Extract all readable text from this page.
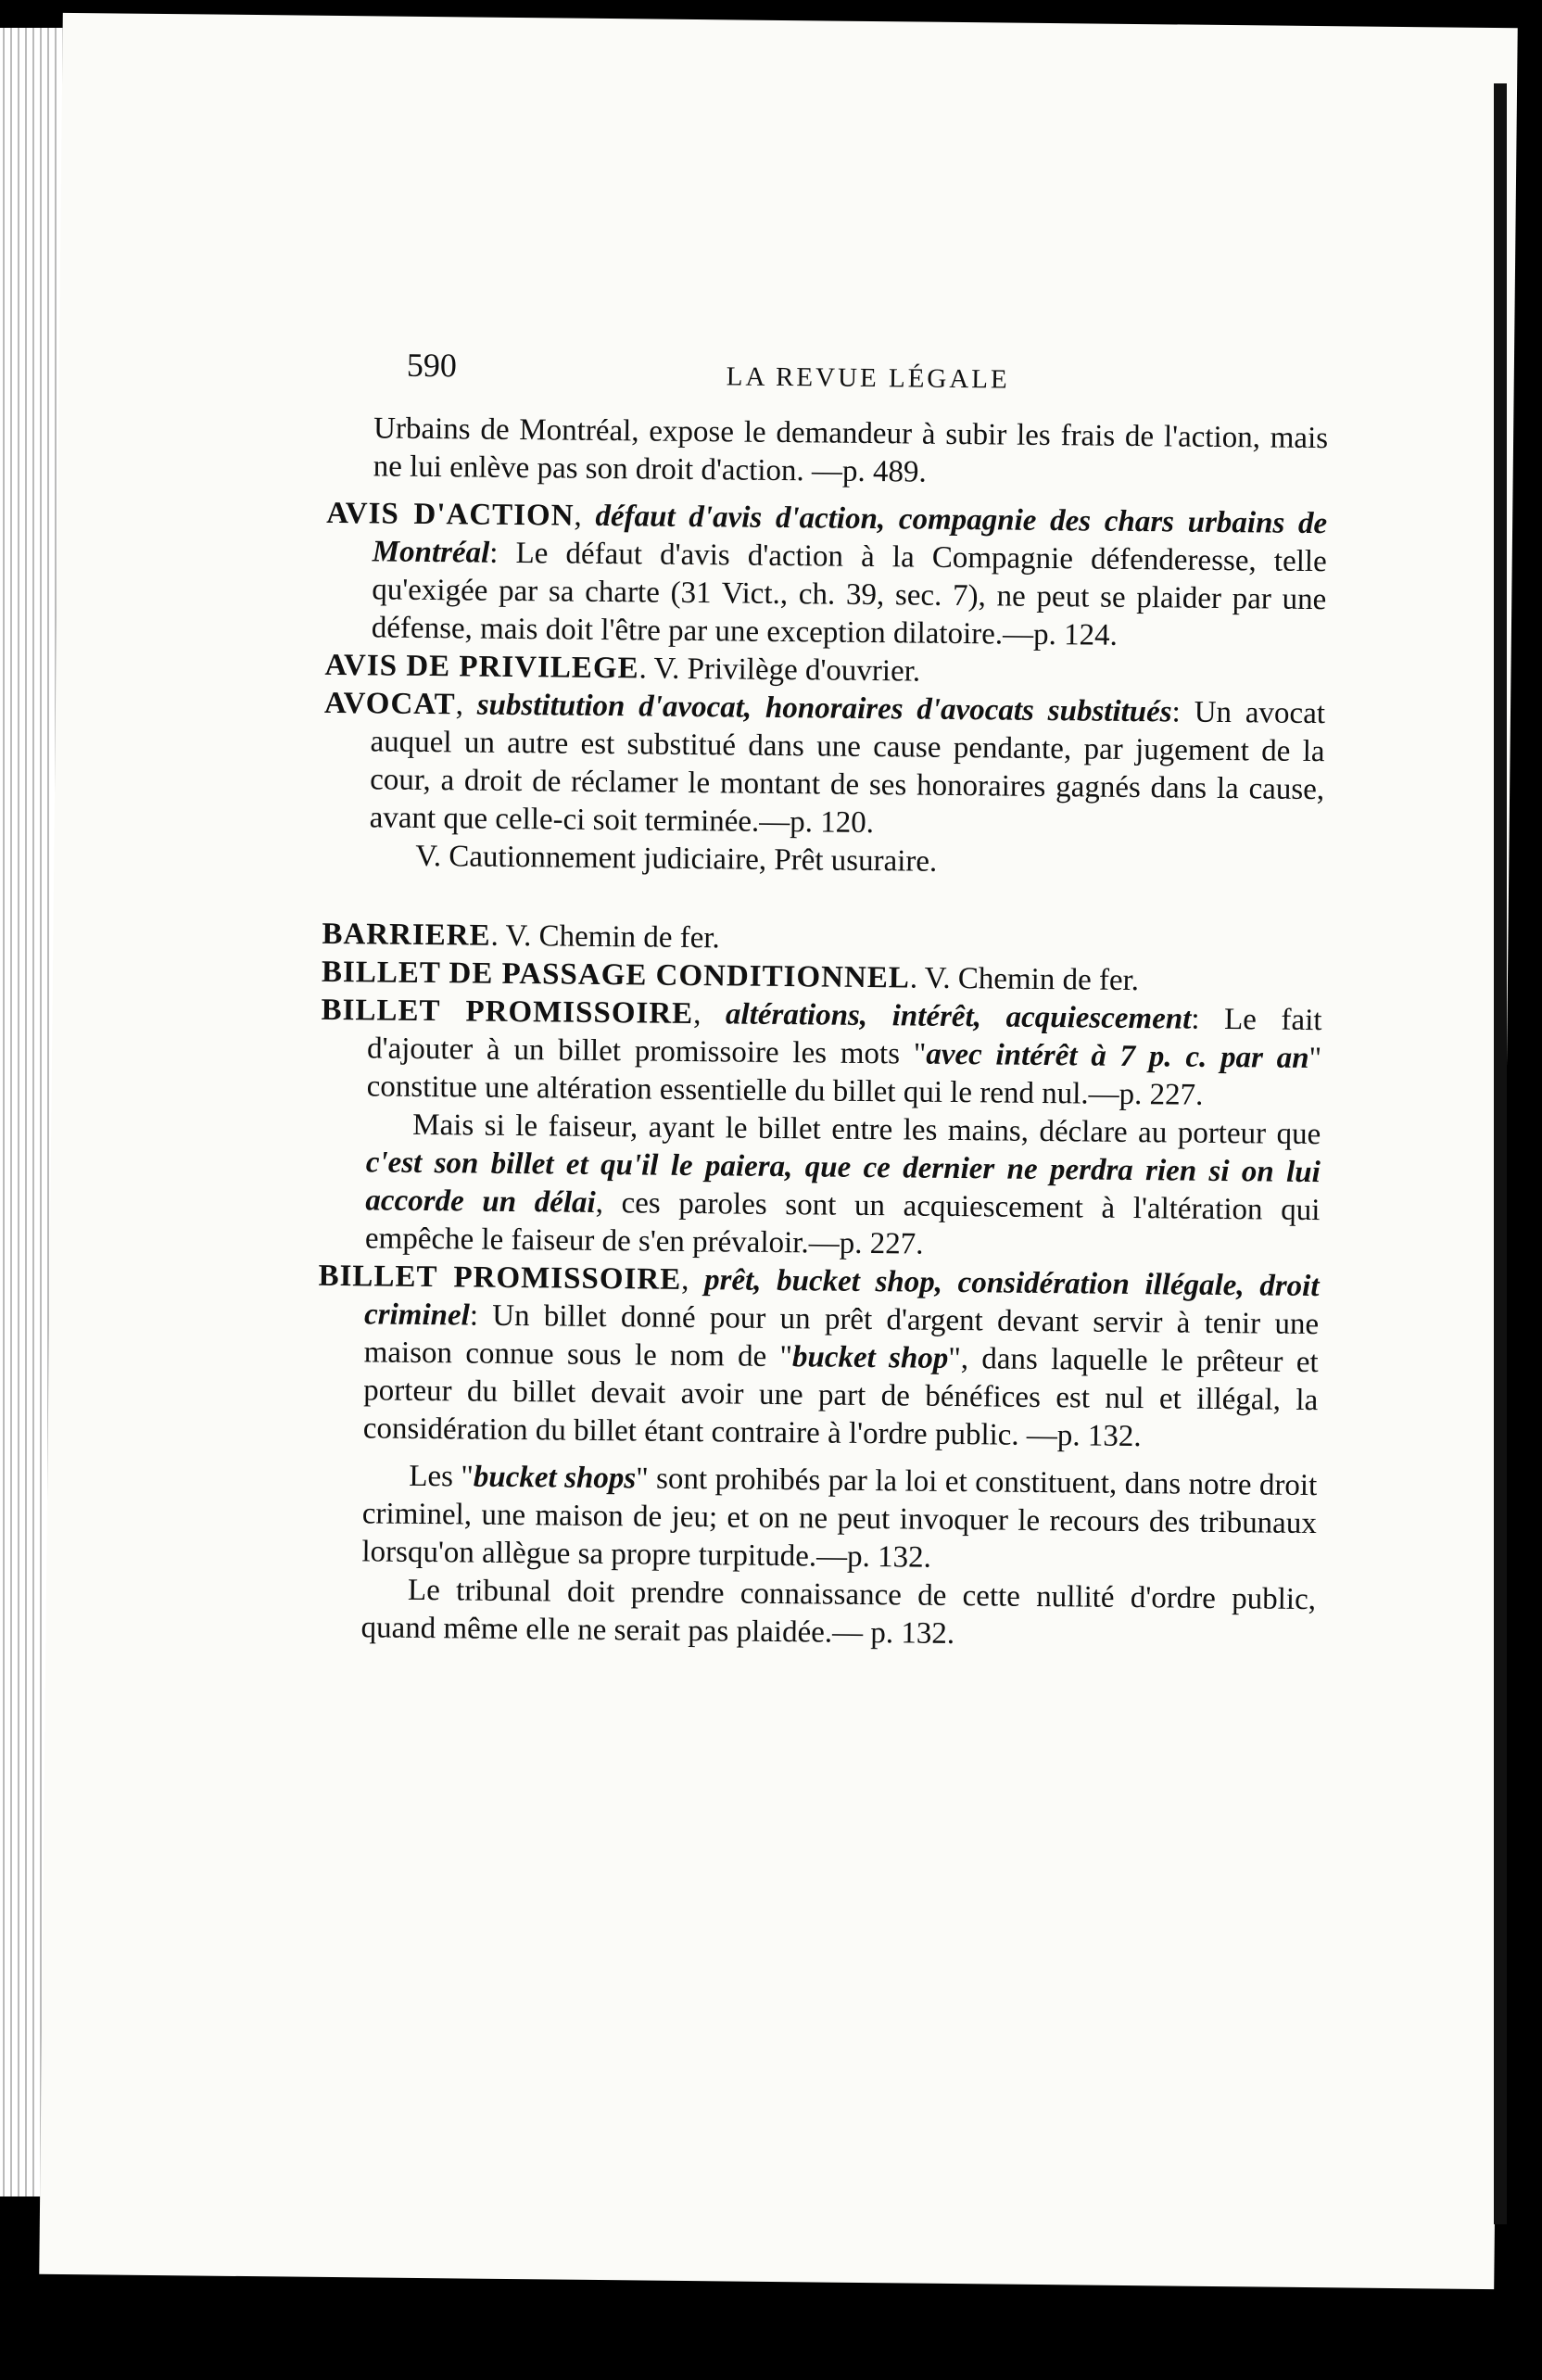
590	LA REVUE LÉGALE

Urbains de Montréal, expose le demandeur à subir les frais de l'action, mais ne lui enlève pas son droit d'action. —p. 489.

AVIS D'ACTION, défaut d'avis d'action, compagnie des chars urbains de Montréal: Le défaut d'avis d'action à la Compagnie défenderesse, telle qu'exigée par sa charte (31 Vict., ch. 39, sec. 7), ne peut se plaider par une défense, mais doit l'être par une exception dilatoire.—p. 124.

AVIS DE PRIVILEGE. V. Privilège d'ouvrier.

AVOCAT, substitution d'avocat, honoraires d'avocats substitués: Un avocat auquel un autre est substitué dans une cause pendante, par jugement de la cour, a droit de réclamer le montant de ses honoraires gagnés dans la cause, avant que celle-ci soit terminée.—p. 120.

V. Cautionnement judiciaire, Prêt usuraire.

BARRIERE. V. Chemin de fer.

BILLET DE PASSAGE CONDITIONNEL. V. Chemin de fer.

BILLET PROMISSOIRE, altérations, intérêt, acquiescement: Le fait d'ajouter à un billet promissoire les mots "avec intérêt à 7 p. c. par an" constitue une altération essentielle du billet qui le rend nul.—p. 227.

Mais si le faiseur, ayant le billet entre les mains, déclare au porteur que c'est son billet et qu'il le paiera, que ce dernier ne perdra rien si on lui accorde un délai, ces paroles sont un acquiescement à l'altération qui empêche le faiseur de s'en prévaloir.—p. 227.

BILLET PROMISSOIRE, prêt, bucket shop, considération illégale, droit criminel: Un billet donné pour un prêt d'argent devant servir à tenir une maison connue sous le nom de "bucket shop", dans laquelle le prêteur et porteur du billet devait avoir une part de bénéfices est nul et illégal, la considération du billet étant contraire à l'ordre public. —p. 132.

Les "bucket shops" sont prohibés par la loi et constituent, dans notre droit criminel, une maison de jeu; et on ne peut invoquer le recours des tribunaux lorsqu'on allègue sa propre turpitude.—p. 132.

Le tribunal doit prendre connaissance de cette nullité d'ordre public, quand même elle ne serait pas plaidée.— p. 132.
